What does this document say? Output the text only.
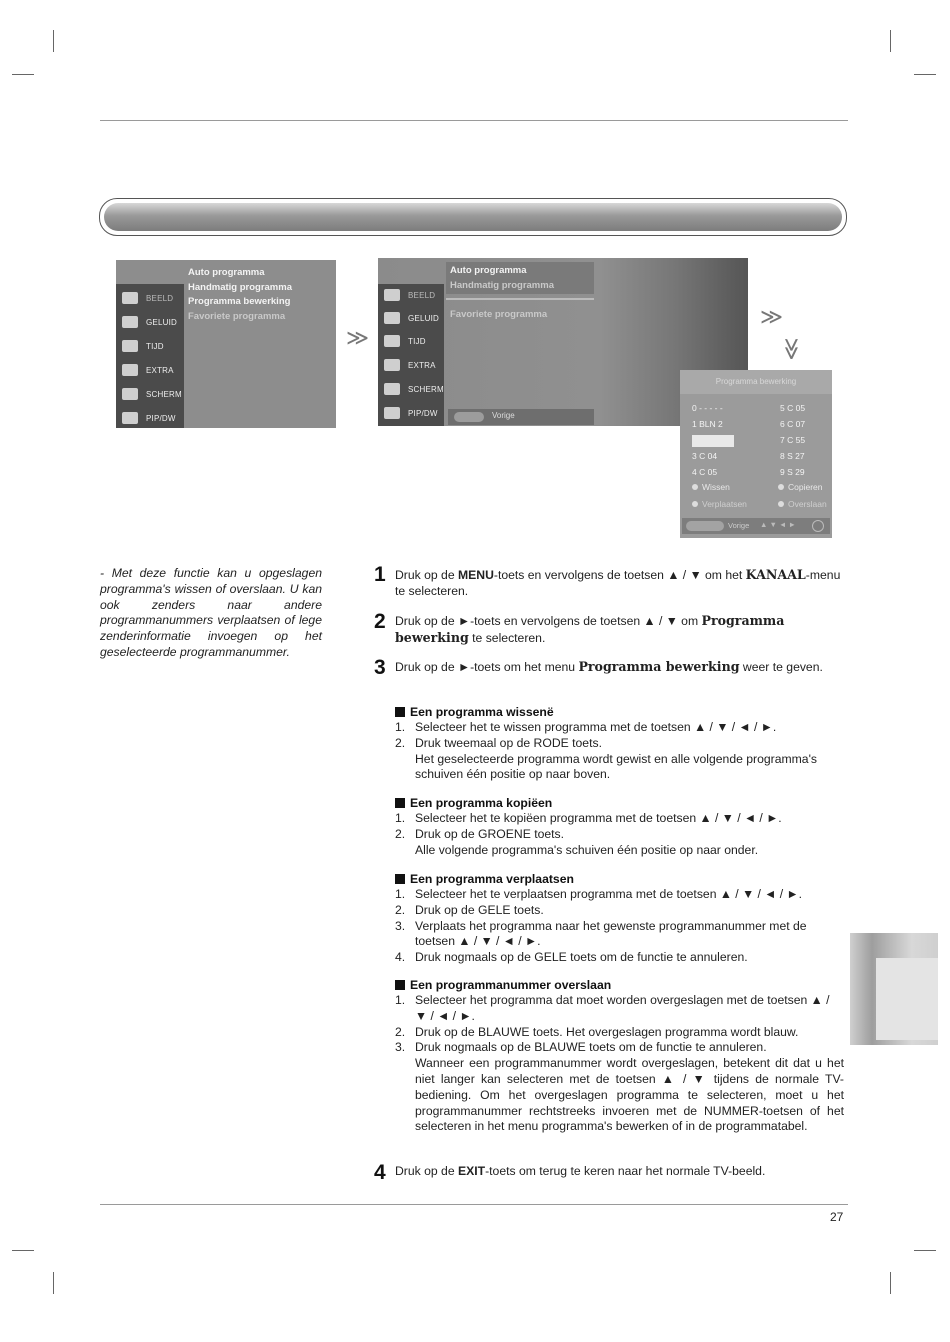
BEELD
GELUID
TIJD
EXTRA
SCHERM
PIP/DW
Auto programma
Handmatig programma
Programma bewerking
Favoriete programma
≫
BEELD
GELUID
TIJD
EXTRA
SCHERM
PIP/DW
Auto programma
Handmatig programma
Favoriete programma
Vorige
≫
≫
Programma bewerking
0 - - - - -
1 BLN 2
3 C 04
4 C 05
5 C 05
6 C 07
7 C 55
8 S 27
9 S 29
Wissen	Copieren
Verplaatsen	Overslaan
Vorige ▲ ▼ ◄ ►
- Met deze functie kan u opgeslagen programma's wissen of overslaan. U kan ook zenders naar andere programmanummers verplaatsen of lege zenderinformatie invoegen op het geselecteerde programmanummer.
1 Druk op de MENU-toets en vervolgens de toetsen ▲ / ▼ om het KANAAL-menu te selecteren.
2 Druk op de ►-toets en vervolgens de toetsen ▲ / ▼ om Programma bewerking te selecteren.
3 Druk op de ►-toets om het menu Programma bewerking weer te geven.
Een programma wissenë
1. Selecteer het te wissen programma met de toetsen ▲ / ▼ / ◄ / ►.
2. Druk tweemaal op de RODE toets.
Het geselecteerde programma wordt gewist en alle volgende programma's schuiven één positie op naar boven.
Een programma kopiëen
1. Selecteer het te kopiëen programma met de toetsen ▲ / ▼ / ◄ / ►.
2. Druk op de GROENE toets.
Alle volgende programma's schuiven één positie op naar onder.
Een programma verplaatsen
1. Selecteer het te verplaatsen programma met de toetsen ▲ / ▼ / ◄ / ►.
2. Druk op de GELE toets.
3. Verplaats het programma naar het gewenste programmanummer met de toetsen ▲ / ▼ / ◄ / ►.
4. Druk nogmaals op de GELE toets om de functie te annuleren.
Een programmanummer overslaan
1. Selecteer het programma dat moet worden overgeslagen met de toetsen ▲ / ▼ / ◄ / ►.
2. Druk op de BLAUWE toets. Het overgeslagen programma wordt blauw.
3. Druk nogmaals op de BLAUWE toets om de functie te annuleren.
Wanneer een programmanummer wordt overgeslagen, betekent dit dat u het niet langer kan selecteren met de toetsen ▲ / ▼ tijdens de normale TV-bediening. Om het overgeslagen programma te selecteren, moet u het programmanummer rechtstreeks invoeren met de NUMMER-toetsen of het selecteren in het menu programma's bewerken of in de programmatabel.
4 Druk op de EXIT-toets om terug te keren naar het normale TV-beeld.
27
